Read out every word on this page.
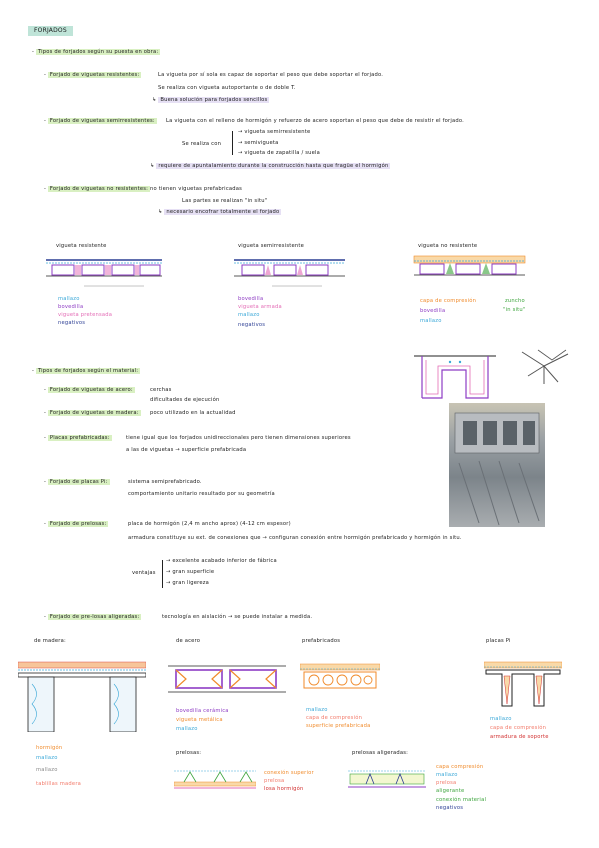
FORJADOS
- Tipos de forjados según su puesta en obra:
- Forjado de viguetas resistentes:	La vigueta por sí sola es capaz de soportar el peso que debe soportar el forjado.
Se realiza con vigueta autoportante o de doble T.
↳ Buena solución para forjados sencillos
- Forjado de viguetas semirresistentes:	La vigueta con el relleno de hormigón y refuerzo de acero soportan el peso que debe de resistir el forjado.
Se realiza con
→ vigueta semirresistente
→ semivigueta
→ vigueta de zapatilla / suela
↳ requiere de apuntalamiento durante la construcción hasta que fragüe el hormigón
- Forjado de viguetas no resistentes: no tienen viguetas prefabricadas
Las partes se realizan "in situ"
↳ necesario encofrar totalmente el forjado
vigueta resistente
mallazo
bovedilla
vigueta pretensada
negativos
vigueta semirresistente
bovedilla
vigueta armada
mallazo
negativos
vigueta no resistente
capa de compresión
bovedilla
mallazo
zuncho
"in situ"
- Tipos de forjados según el material:
- Forjado de viguetas de acero:	cerchas
dificultades de ejecución
- Forjado de viguetas de madera:	poco utilizado en la actualidad
- Placas prefabricadas:	tiene igual que los forjados unidireccionales pero tienen dimensiones superiores
a las de viguetas → superficie prefabricada
- Forjado de placas Pi:	sistema semiprefabricado.
comportamiento unitario resultado por su geometría
- Forjado de prelosas:	placa de hormigón (2,4 m ancho aprox) (4-12 cm espesor)
armadura constituye su ext. de conexiones que → configuran conexión entre hormigón prefabricado y hormigón in situ.
ventajas
→ excelente acabado inferior de fábrica
→ gran superficie
→ gran ligereza
- Forjado de pre-losas aligeradas:	tecnología en aislación → se puede instalar a medida.
de madera:
hormigón
mallazo
mallazo
tablillas madera
de acero
bovedilla cerámica
vigueta metálica
mallazo
prefabricados
mallazo
capa de compresión
superficie prefabricada
placas Pi
mallazo
capa de compresión
armadura de soporte
prelosas:
conexión superior
prelosa
losa hormigón
prelosas aligeradas:
capa compresión
mallazo
prelosa
aligerante
conexión material
negativos
